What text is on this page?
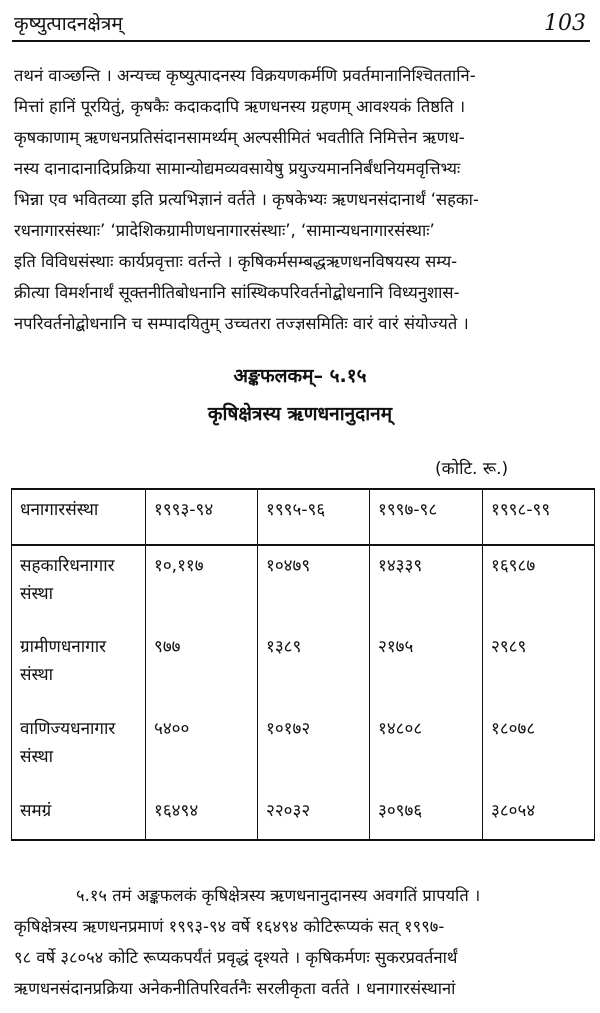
कृष्युत्पादनक्षेत्रम्	103
तथनं वाञ्छन्ति । अन्यच्च कृष्युत्पादनस्य विक्रयणकर्मणि प्रवर्तमानानिश्चिततानि-
मित्तां हानिं पूरयितुं, कृषकैः कदाकदापि ऋणधनस्य ग्रहणम् आवश्यकं तिष्ठति ।
कृषकाणाम् ऋणधनप्रतिसंदानसामर्थ्यम् अल्पसीमितं भवतीति निमित्तेन ऋणध-
नस्य दानादानादिप्रक्रिया सामान्योद्यमव्यवसायेषु प्रयुज्यमाननिर्बंधनियमवृत्तिभ्यः
भिन्ना एव भवितव्या इति प्रत्यभिज्ञानं वर्तते । कृषकेभ्यः ऋणधनसंदानार्थं ‘सहका-
रधनागारसंस्थाः’ ‘प्रादेशिकग्रामीणधनागारसंस्थाः’, ‘सामान्यधनागारसंस्थाः’
इति विविधसंस्थाः कार्यप्रवृत्ताः वर्तन्ते । कृषिकर्मसम्बद्धऋणधनविषयस्य सम्य-
क्रीत्या विमर्शनार्थं सूक्तनीतिबोधनानि सांस्थिकपरिवर्तनोद्बोधनानि विध्यनुशास-
नपरिवर्तनोद्बोधनानि च सम्पादयितुम् उच्चतरा तज्ज्ञसमितिः वारं वारं संयोज्यते ।
अङ्कफलकम्– ५.१५
कृषिक्षेत्रस्य ऋणधनानुदानम्
(कोटि. रू.)
धनागारसंस्था	१९९३-९४	१९९५-९६	१९९७-९८	१९९८-९९
सहकारिधनागार
संस्था	१०,११७	१०४७९	१४३३९	१६९८७
ग्रामीणधनागार
संस्था	९७७	१३८९	२१७५	२९८९
वाणिज्यधनागार
संस्था	५४००	१०१७२	१४८०८	१८०७८
समग्रं	१६४९४	२२०३२	३०९७६	३८०५४
५.१५ तमं अङ्कफलकं कृषिक्षेत्रस्य ऋणधनानुदानस्य अवगतिं प्रापयति ।
कृषिक्षेत्रस्य ऋणधनप्रमाणं १९९३-९४ वर्षे १६४९४ कोटिरूप्यकं सत् १९९७-
९८ वर्षे ३८०५४ कोटि रूप्यकपर्यंतं प्रवृद्धं दृश्यते । कृषिकर्मणः सुकरप्रवर्तनार्थं
ऋणधनसंदानप्रक्रिया अनेकनीतिपरिवर्तनैः सरलीकृता वर्तते । धनागारसंस्थानां
